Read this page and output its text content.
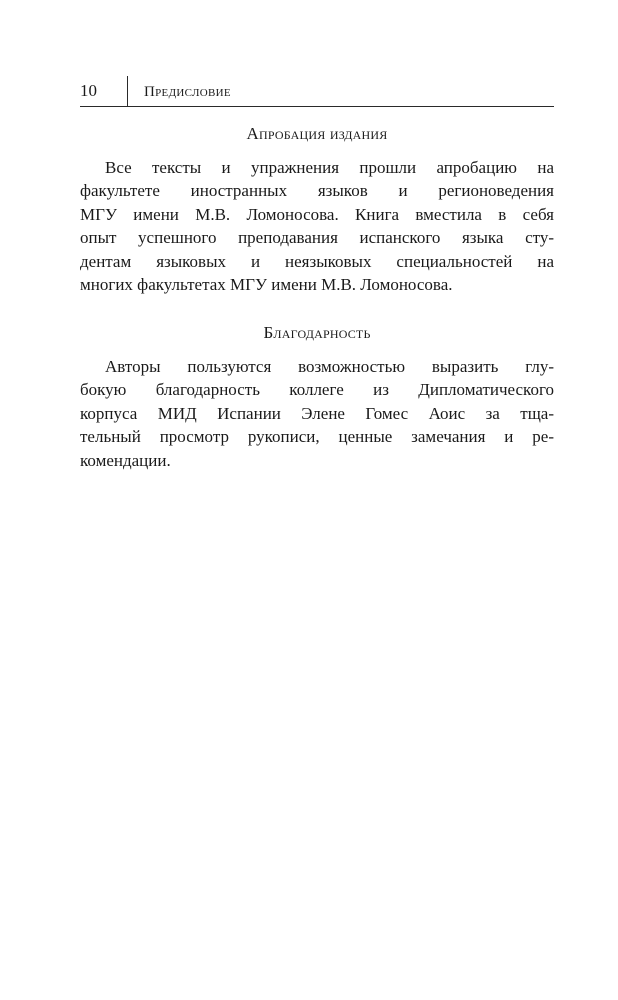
10	Предисловие
Апробация издания
Все тексты и упражнения прошли апробацию на
факультете иностранных языков и регионоведения
МГУ имени М.В. Ломоносова. Книга вместила в себя
опыт успешного преподавания испанского языка сту-
дентам языковых и неязыковых специальностей на
многих факультетах МГУ имени М.В. Ломоносова.
Благодарность
Авторы пользуются возможностью выразить глу-
бокую благодарность коллеге из Дипломатического
корпуса МИД Испании Элене Гомес Аоис за тща-
тельный просмотр рукописи, ценные замечания и ре-
комендации.
